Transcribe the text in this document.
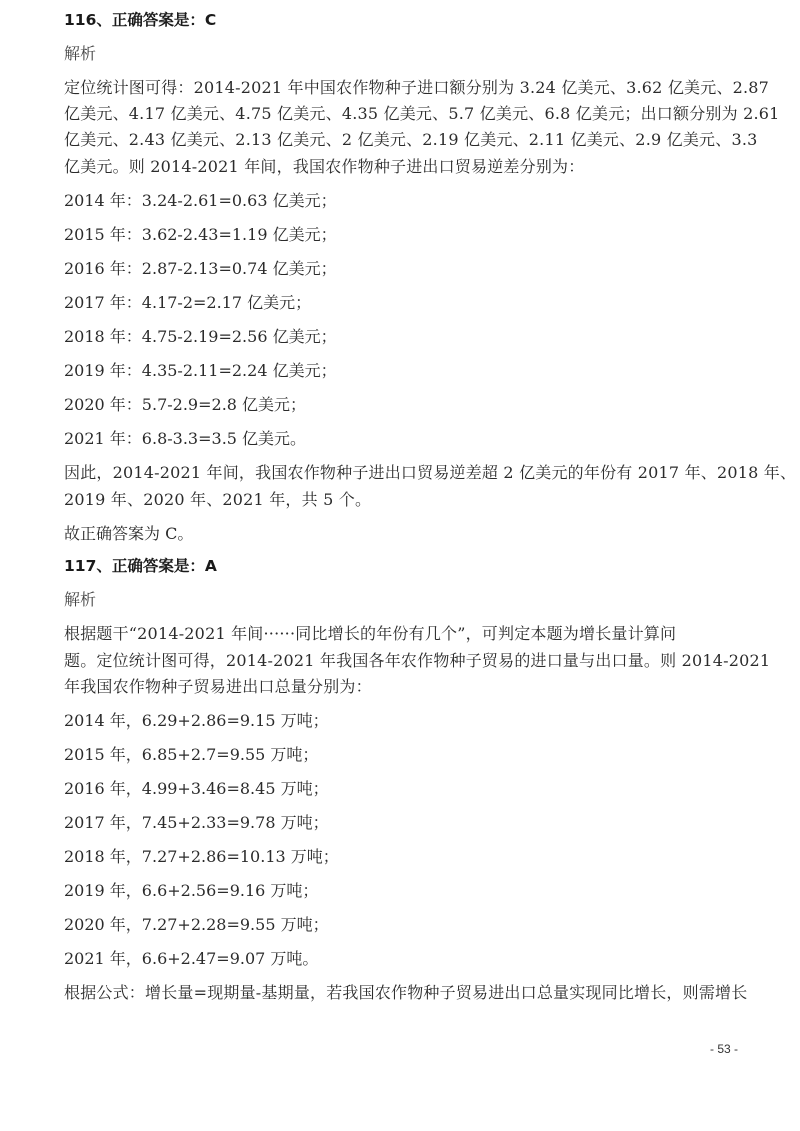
116、正确答案是：C
解析
定位统计图可得：2014-2021 年中国农作物种子进口额分别为 3.24 亿美元、3.62 亿美元、2.87
亿美元、4.17 亿美元、4.75 亿美元、4.35 亿美元、5.7 亿美元、6.8 亿美元；出口额分别为 2.61
亿美元、2.43 亿美元、2.13 亿美元、2 亿美元、2.19 亿美元、2.11 亿美元、2.9 亿美元、3.3
亿美元。则 2014-2021 年间，我国农作物种子进出口贸易逆差分别为：
2014 年：3.24-2.61=0.63 亿美元；
2015 年：3.62-2.43=1.19 亿美元；
2016 年：2.87-2.13=0.74 亿美元；
2017 年：4.17-2=2.17 亿美元；
2018 年：4.75-2.19=2.56 亿美元；
2019 年：4.35-2.11=2.24 亿美元；
2020 年：5.7-2.9=2.8 亿美元；
2021 年：6.8-3.3=3.5 亿美元。
因此，2014-2021 年间，我国农作物种子进出口贸易逆差超 2 亿美元的年份有 2017 年、2018 年、
2019 年、2020 年、2021 年，共 5 个。
故正确答案为 C。
117、正确答案是：A
解析
根据题干“2014-2021 年间······同比增长的年份有几个”，可判定本题为增长量计算问
题。定位统计图可得，2014-2021 年我国各年农作物种子贸易的进口量与出口量。则 2014-2021
年我国农作物种子贸易进出口总量分别为：
2014 年，6.29+2.86=9.15 万吨；
2015 年，6.85+2.7=9.55 万吨；
2016 年，4.99+3.46=8.45 万吨；
2017 年，7.45+2.33=9.78 万吨；
2018 年，7.27+2.86=10.13 万吨；
2019 年，6.6+2.56=9.16 万吨；
2020 年，7.27+2.28=9.55 万吨；
2021 年，6.6+2.47=9.07 万吨。
根据公式：增长量=现期量-基期量，若我国农作物种子贸易进出口总量实现同比增长，则需增长
- 53 -
